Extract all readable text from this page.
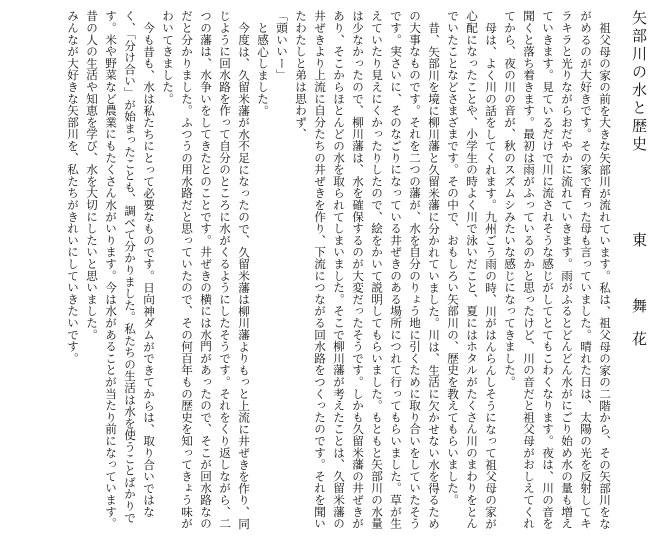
矢部川の水と歴史東　舞花

祖父母の家の前を大きな矢部川が流れています。私は、祖父母の家の二階から、その矢部川をながめるのが大好きです。その家で育った母も言っていました。晴れた日は、太陽の光を反射してキラキラと光りながらおだやかに流れていきます。雨がふるとどんどん水がにごり始め水の量も増えていきます。見ているだけで川に流されそうな感じがしてとてもこわくなります。夜は、川の音を聞くと落ち着きます。最初は雨がふっているのかと思ったけど、川の音だと祖父母がおしえてくれてから、夜の川の音が、秋のスズムシみたいな感じになってきました。

母は、よく川の話をしてくれます。九州ごう雨の時、川がはんらんしそうになって祖父母の家が心配になったことや、小学生の時よく川で泳いだこと、夏にはホタルがたくさん川のまわりをとんでいたことなどさまざまです。その中で、おもしろい矢部川の、歴史を教えてもらいました。

昔、矢部川を境に柳川藩と久留米藩に分かれていました。川は、生活に欠かせない水を得るための大事なものです。それを二つの藩が、水を自分のりょう地に引くために取り合いをしていたそうです。実さいに、そのなごりになっている井ぜきのある場所につれて行ってもらいました。草が生えていたり見えにくかったりしたので、絵をかいて説明してもらいました。もともと矢部川の水量は少なかったので、柳川藩は、水を確保するのが大変だったそうです。しかも久留米藩の井ぜきがあり、そこからほとんどの水を取られてしまいました。そこで柳川藩が考えたことは、久留米藩の井ぜきより上流に自分たちの井ぜきを作り、下流につながる回水路をつくったのです。それを聞いたわたしと弟は思わず、

「頭いいー」

と感心しました。

今度は、久留米藩が水不足になったので、久留米藩は柳川藩よりもっと上流に井ぜきを作り、同じように回水路を作って自分のところに水がくるようにしたそうです。それをくり返しながら、二つの藩は、水争いをしてきたとのことです。井ぜきの横には水門があったので、そこが回水路なのだと分かりました。ふつうの用水路だと思っていたので、その何百年もの歴史を知ってきょう味がわいてきました。

今も昔も、水は私たちにとって必要なものです。日向神ダムができてからは、取り合いではなく、「分け合い」が始まったことも、調べて分かりました。私たちの生活は水を使うことばかりです。米や野菜など農業にもたくさん水がいります。今は水があることが当たり前になっています。昔の人の生活や知恵を学び、水を大切にしたいと思いました。

みんなが大好きな矢部川を、私たちがきれいにしていきたいです。
